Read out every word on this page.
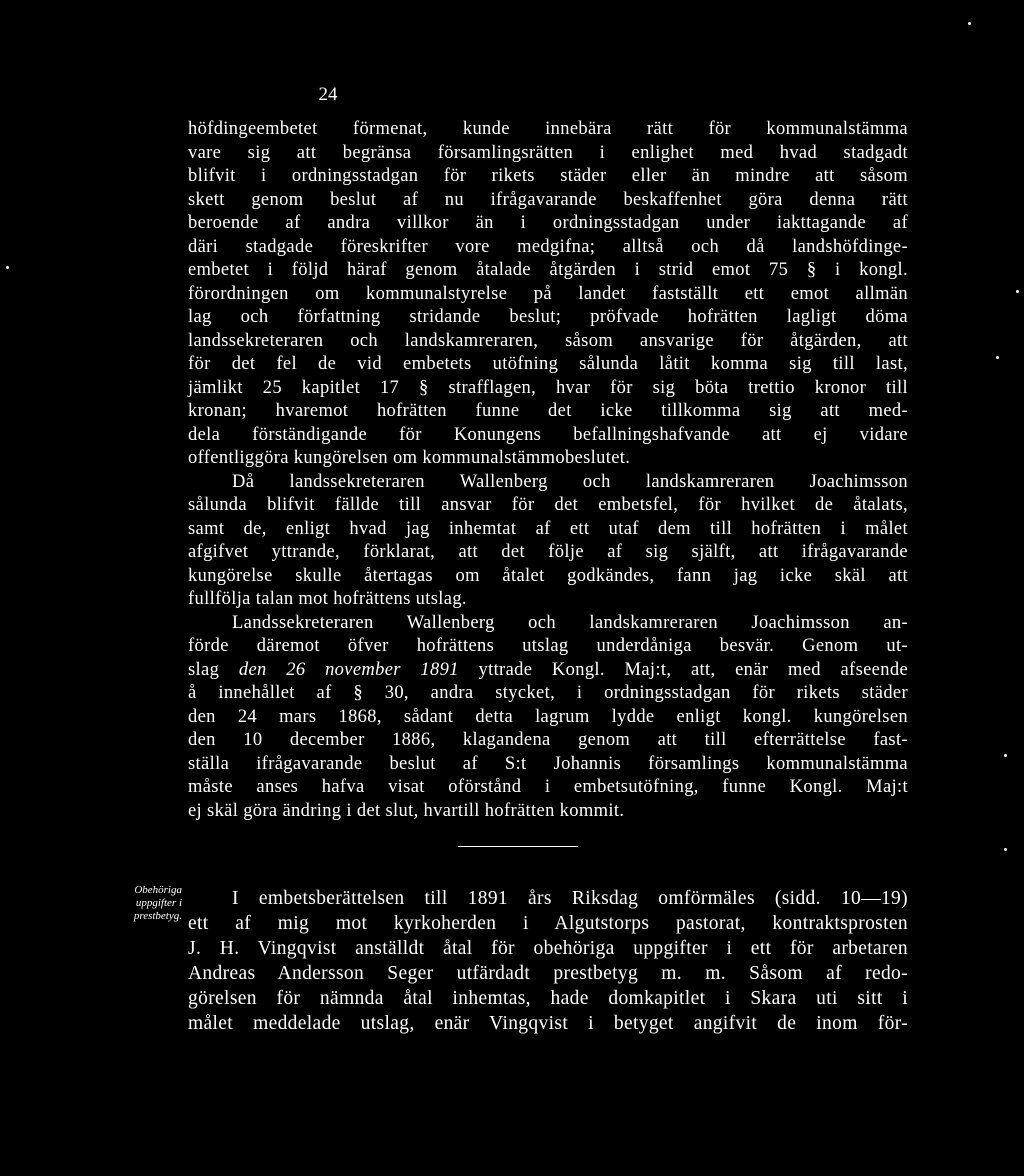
24
höfdingeembetet förmenat, kunde innebära rätt för kommunalstämma
vare sig att begränsa församlingsrätten i enlighet med hvad stadgadt
blifvit i ordningsstadgan för rikets städer eller än mindre att såsom
skett genom beslut af nu ifrågavarande beskaffenhet göra denna rätt
beroende af andra villkor än i ordningsstadgan under iakttagande af
däri stadgade föreskrifter vore medgifna; alltså och då landshöfdinge-
embetet i följd häraf genom åtalade åtgärden i strid emot 75 § i kongl.
förordningen om kommunalstyrelse på landet fastställt ett emot allmän
lag och författning stridande beslut; pröfvade hofrätten lagligt döma
landssekreteraren och landskamreraren, såsom ansvarige för åtgärden, att
för det fel de vid embetets utöfning sålunda låtit komma sig till last,
jämlikt 25 kapitlet 17 § strafflagen, hvar för sig böta trettio kronor till
kronan; hvaremot hofrätten funne det icke tillkomma sig att med-
dela förständigande för Konungens befallningshafvande att ej vidare
offentliggöra kungörelsen om kommunalstämmobeslutet.
Då landssekreteraren Wallenberg och landskamreraren Joachimsson
sålunda blifvit fällde till ansvar för det embetsfel, för hvilket de åtalats,
samt de, enligt hvad jag inhemtat af ett utaf dem till hofrätten i målet
afgifvet yttrande, förklarat, att det följe af sig själft, att ifrågavarande
kungörelse skulle återtagas om åtalet godkändes, fann jag icke skäl att
fullfölja talan mot hofrättens utslag.
Landssekreteraren Wallenberg och landskamreraren Joachimsson an-
förde däremot öfver hofrättens utslag underdåniga besvär. Genom ut-
slag den 26 november 1891 yttrade Kongl. Maj:t, att, enär med afseende
å innehållet af § 30, andra stycket, i ordningsstadgan för rikets städer
den 24 mars 1868, sådant detta lagrum lydde enligt kongl. kungörelsen
den 10 december 1886, klagandena genom att till efterrättelse fast-
ställa ifrågavarande beslut af S:t Johannis församlings kommunalstämma
måste anses hafva visat oförstånd i embetsutöfning, funne Kongl. Maj:t
ej skäl göra ändring i det slut, hvartill hofrätten kommit.
Obehöriga
uppgifter i
prestbetyg.
I embetsberättelsen till 1891 års Riksdag omförmäles (sidd. 10—19)
ett af mig mot kyrkoherden i Algutstorps pastorat, kontraktsprosten
J. H. Vingqvist anställdt åtal för obehöriga uppgifter i ett för arbetaren
Andreas Andersson Seger utfärdadt prestbetyg m. m. Såsom af redo-
görelsen för nämnda åtal inhemtas, hade domkapitlet i Skara uti sitt i
målet meddelade utslag, enär Vingqvist i betyget angifvit de inom för-
